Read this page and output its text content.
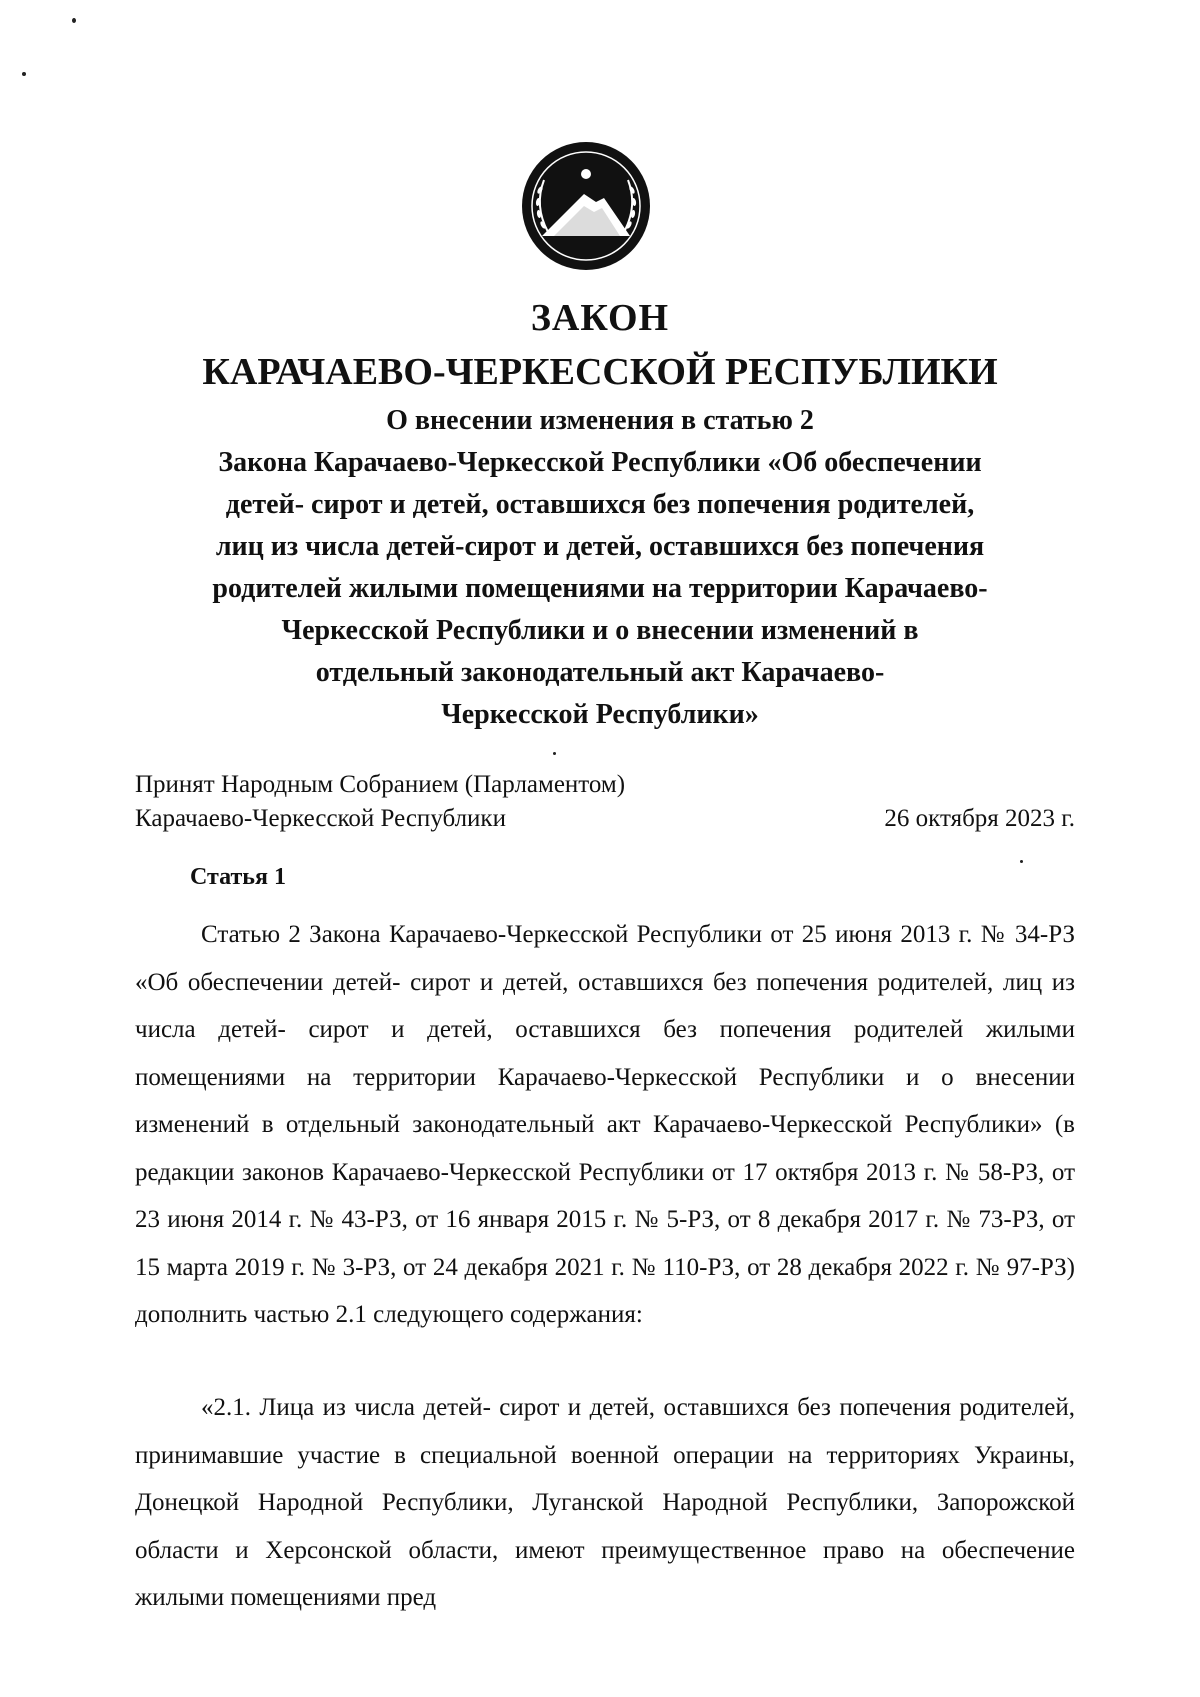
ЗАКОН
КАРАЧАЕВО-ЧЕРКЕССКОЙ РЕСПУБЛИКИ

О внесении изменения в статью 2
Закона Карачаево-Черкесской Республики «Об обеспечении
детей- сирот и детей, оставшихся без попечения родителей,
лиц из числа детей-сирот и детей, оставшихся без попечения
родителей жилыми помещениями на территории Карачаево-
Черкесской Республики и о внесении изменений в
отдельный законодательный акт Карачаево-
Черкесской Республики»

Принят Народным Собранием (Парламентом)
Карачаево-Черкесской Республики	26 октября 2023 г.
Статья 1

Статью 2 Закона Карачаево-Черкесской Республики от 25 июня 2013 г. № 34-РЗ «Об обеспечении детей- сирот и детей, оставшихся без попечения родителей, лиц из числа детей- сирот и детей, оставшихся без попечения родителей жилыми помещениями на территории Карачаево-Черкесской Республики и о внесении изменений в отдельный законодательный акт Карачаево-Черкесской Республики» (в редакции законов Карачаево-Черкесской Республики от 17 октября 2013 г. № 58-РЗ, от 23 июня 2014 г. № 43-РЗ, от 16 января 2015 г. № 5-РЗ, от 8 декабря 2017 г. № 73-РЗ, от 15 марта 2019 г. № 3-РЗ, от 24 декабря 2021 г. № 110-РЗ, от 28 декабря 2022 г. № 97-РЗ) дополнить частью 2.1 следующего содержания:

«2.1. Лица из числа детей- сирот и детей, оставшихся без попечения родителей, принимавшие участие в специальной военной операции на территориях Украины, Донецкой Народной Республики, Луганской Народной Республики, Запорожской области и Херсонской области, имеют преимущественное право на обеспечение жилыми помещениями пред
